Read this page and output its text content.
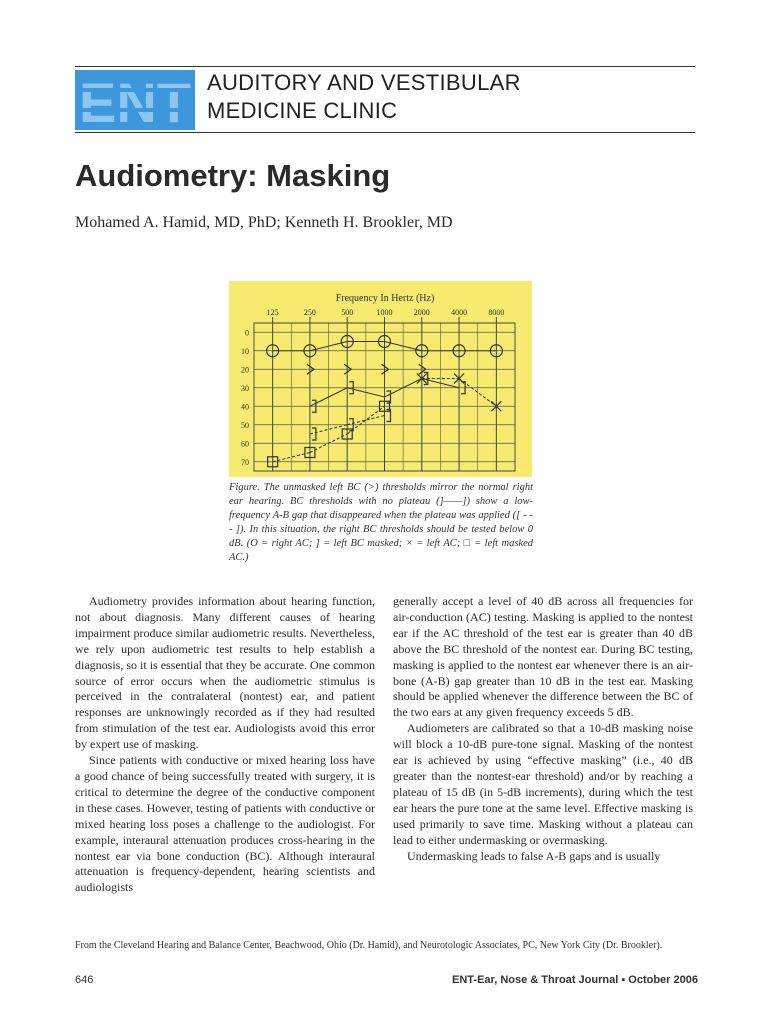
ENT AUDITORY AND VESTIBULAR
MEDICINE CLINIC
Audiometry: Masking
Mohamed A. Hamid, MD, PhD; Kenneth H. Brookler, MD
Frequency In Hertz (Hz)
0
10
20
30
40
50
60
70
125	250	500	1000	2000	4000	8000

Figure. The unmasked left BC (>) thresholds mirror the normal right ear hearing. BC thresholds with no plateau (]——]) show a low-frequency A-B gap that disappeared when the plateau was applied ([ - - - ]). In this situation, the right BC thresholds should be tested below 0 dB. (O = right AC; ] = left BC masked; × = left AC; □ = left masked AC.)

Audiometry provides information about hearing function, not about diagnosis. Many different causes of hearing impairment produce similar audiometric results. Nevertheless, we rely upon audiometric test results to help establish a diagnosis, so it is essential that they be accurate. One common source of error occurs when the audiometric stimulus is perceived in the contralateral (nontest) ear, and patient responses are unknowingly recorded as if they had resulted from stimulation of the test ear. Audiologists avoid this error by expert use of masking.

Since patients with conductive or mixed hearing loss have a good chance of being successfully treated with surgery, it is critical to determine the degree of the conductive component in these cases. However, testing of patients with conductive or mixed hearing loss poses a challenge to the audiologist. For example, interaural attenuation produces cross-hearing in the nontest ear via bone conduction (BC). Although interaural attenuation is frequency-dependent, hearing scientists and audiologists

generally accept a level of 40 dB across all frequencies for air-conduction (AC) testing. Masking is applied to the nontest ear if the AC threshold of the test ear is greater than 40 dB above the BC threshold of the nontest ear. During BC testing, masking is applied to the nontest ear whenever there is an air-bone (A-B) gap greater than 10 dB in the test ear. Masking should be applied whenever the difference between the BC of the two ears at any given frequency exceeds 5 dB.

Audiometers are calibrated so that a 10-dB masking noise will block a 10-dB pure-tone signal. Masking of the nontest ear is achieved by using “effective masking” (i.e., 40 dB greater than the nontest-ear threshold) and/or by reaching a plateau of 15 dB (in 5-dB increments), during which the test ear hears the pure tone at the same level. Effective masking is used primarily to save time. Masking without a plateau can lead to either undermasking or overmasking.

Undermasking leads to false A-B gaps and is usually

From the Cleveland Hearing and Balance Center, Beachwood, Ohio (Dr. Hamid), and Neurotologic Associates, PC, New York City (Dr. Brookler).
646	ENT-Ear, Nose & Throat Journal ▪ October 2006
